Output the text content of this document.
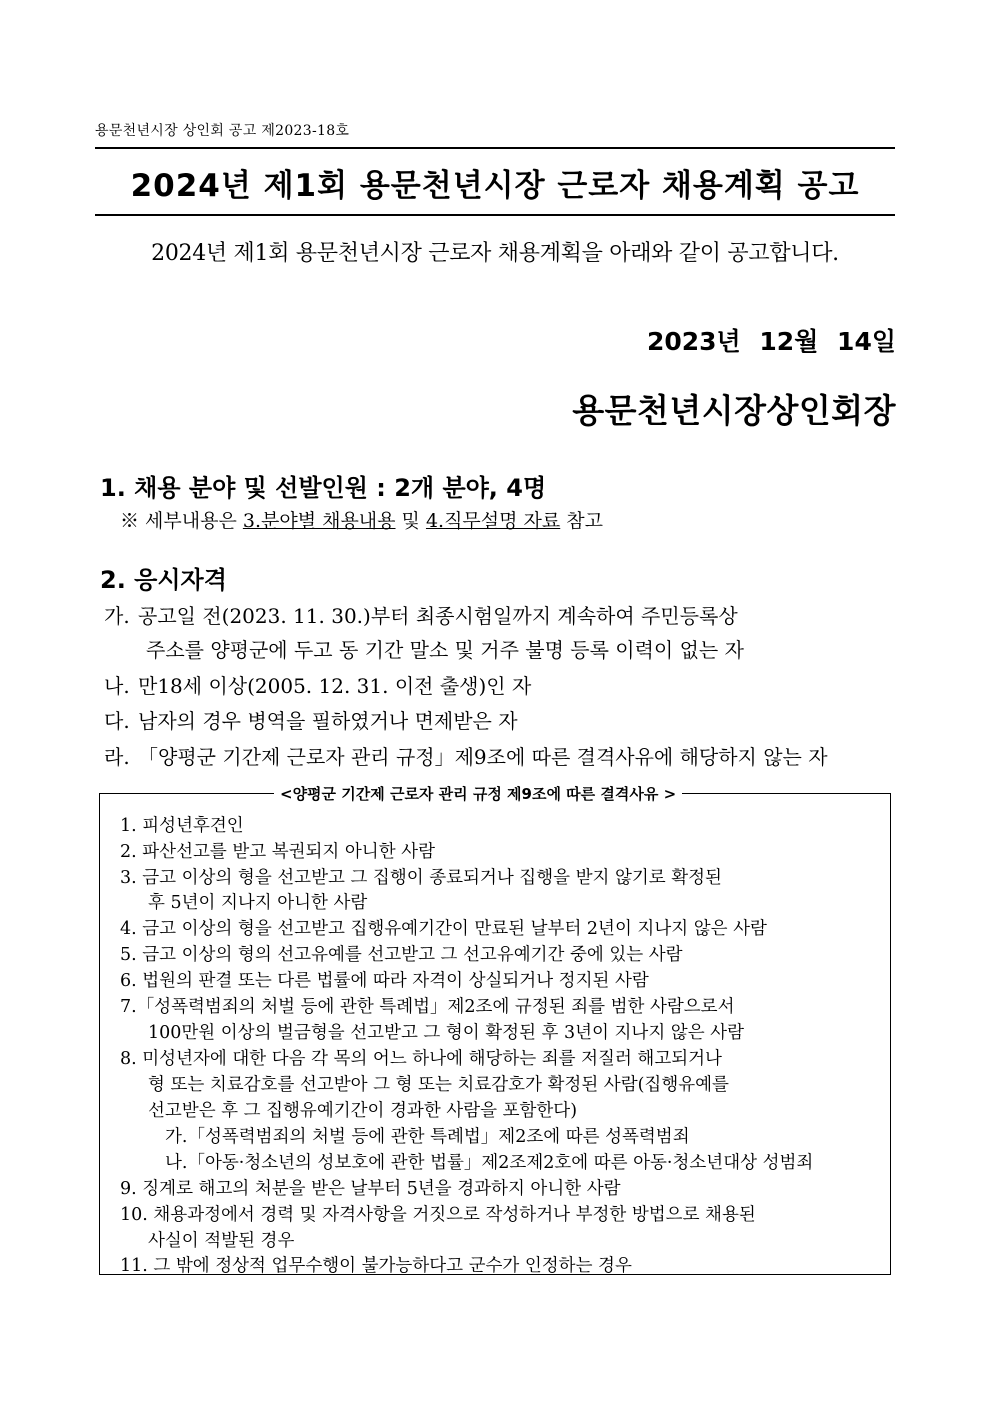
용문천년시장 상인회 공고 제2023-18호
2024년 제1회 용문천년시장 근로자 채용계획 공고
2024년 제1회 용문천년시장 근로자 채용계획을 아래와 같이 공고합니다.
2023년 12월 14일
용문천년시장상인회장
1. 채용 분야 및 선발인원 : 2개 분야, 4명
※ 세부내용은 3.분야별 채용내용 및 4.직무설명 자료 참고
2. 응시자격
가. 공고일 전(2023. 11. 30.)부터 최종시험일까지 계속하여 주민등록상
주소를 양평군에 두고 동 기간 말소 및 거주 불명 등록 이력이 없는 자
나. 만18세 이상(2005. 12. 31. 이전 출생)인 자
다. 남자의 경우 병역을 필하였거나 면제받은 자
라. 「양평군 기간제 근로자 관리 규정」제9조에 따른 결격사유에 해당하지 않는 자
<양평군 기간제 근로자 관리 규정 제9조에 따른 결격사유 >
1. 피성년후견인
2. 파산선고를 받고 복권되지 아니한 사람
3. 금고 이상의 형을 선고받고 그 집행이 종료되거나 집행을 받지 않기로 확정된
후 5년이 지나지 아니한 사람
4. 금고 이상의 형을 선고받고 집행유예기간이 만료된 날부터 2년이 지나지 않은 사람
5. 금고 이상의 형의 선고유예를 선고받고 그 선고유예기간 중에 있는 사람
6. 법원의 판결 또는 다른 법률에 따라 자격이 상실되거나 정지된 사람
7.「성폭력범죄의 처벌 등에 관한 특례법」제2조에 규정된 죄를 범한 사람으로서
100만원 이상의 벌금형을 선고받고 그 형이 확정된 후 3년이 지나지 않은 사람
8. 미성년자에 대한 다음 각 목의 어느 하나에 해당하는 죄를 저질러 해고되거나
형 또는 치료감호를 선고받아 그 형 또는 치료감호가 확정된 사람(집행유예를
선고받은 후 그 집행유예기간이 경과한 사람을 포함한다)
가.「성폭력범죄의 처벌 등에 관한 특례법」제2조에 따른 성폭력범죄
나.「아동·청소년의 성보호에 관한 법률」제2조제2호에 따른 아동·청소년대상 성범죄
9. 징계로 해고의 처분을 받은 날부터 5년을 경과하지 아니한 사람
10. 채용과정에서 경력 및 자격사항을 거짓으로 작성하거나 부정한 방법으로 채용된
사실이 적발된 경우
11. 그 밖에 정상적 업무수행이 불가능하다고 군수가 인정하는 경우
